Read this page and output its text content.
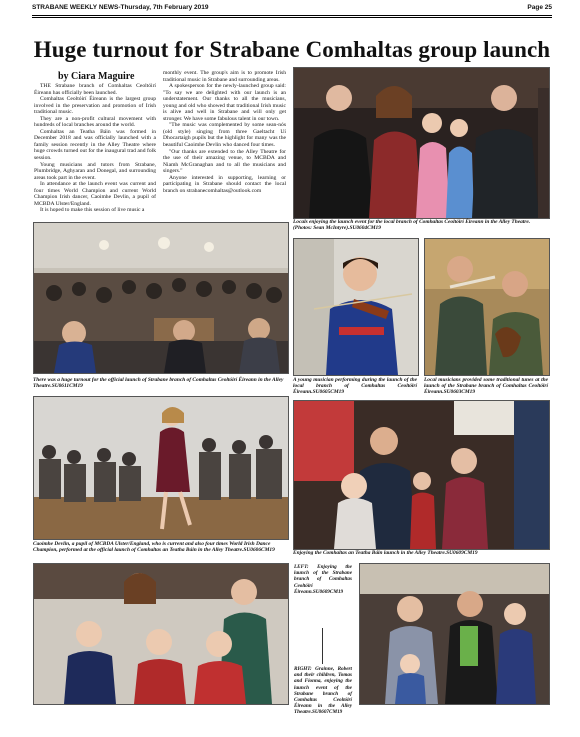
STRABANE WEEKLY NEWS-Thursday, 7th February 2019	Page 25
Huge turnout for Strabane Comhaltas group launch
by Ciara Maguire

THE Strabane branch of Comhaltas Ceoltóirí Éireann has officially been launched.

Comhaltas Ceoltóirí Éireann is the largest group involved in the preservation and promotion of Irish traditional music.

They are a non-profit cultural movement with hundreds of local branches around the world.

Comhaltas an Teatha Báin was formed in December 2018 and was officially launched with a family session recently in the Alley Theatre where huge crowds turned out for the inaugural trad and folk session.

Young musicians and tutors from Strabane, Plumbridge, Aghyaran and Donegal, and surrounding areas took part in the event.

In attendance at the launch event was current and four times World Champion and current World Champion Irish dancer, Caoimhe Devlin, a pupil of MCBDA Ulster/England.

It is hoped to make this session of live music a

monthly event. The group's aim is to promote Irish traditional music in Strabane and surrounding areas.

A spokesperson for the newly-launched group said: "To say we are delighted with our launch is an understatement. Our thanks to all the musicians, young and old who showed that traditional Irish music is alive and well in Strabane and will only get stronger. We have some fabulous talent in our town.

"The music was complemented by some sean-nós (old style) singing from three Gaeltacht Uí Dhocartaigh pupils but the highlight for many was the beautiful Caoimhe Devlin who danced four times.

"Our thanks are extended to the Alley Theatre for the use of their amazing venue, to MCBDA and Niamh McGranaghan and to all the musicians and singers."

Anyone interested in supporting, learning or participating in Strabane should contact the local branch on strabanecomhaltas@outlook.com

Locals enjoying the launch event for the local branch of Comhaltas Ceoltóirí Éireann in the Alley Theatre. (Photos: Sean McIntyre).SU0604CM19
There was a huge turnout for the official launch of Strabane branch of Comhaltas Ceoltóirí Éireann in the Alley Theatre.SU0611CM19
A young musician performing during the launch of the local branch of Comhaltas Ceoltóirí Éireann.SU0605CM19
Local musicians provided some traditional tunes at the launch of the Strabane branch of Comhaltas Ceoltóirí Éireann.SU0603CM19
Caoimhe Devlin, a pupil of MCBDA Ulster/England, who is current and also four times World Irish Dance Champion, performed at the official launch of Comhaltas an Teatha Báin in the Alley Theatre.SU0606CM19	Enjoying the Comhaltas an Teatha Báin launch in the Alley Theatre.SU0609CM19
LEFT: Enjoying the launch of the Strabane branch of Comhaltas Ceoltóirí Éireann.SU0609CM19
RIGHT: Grainne, Robert and their children, Tomas and Fionna, enjoying the launch event of the Strabane branch of Comhaltas Ceoltóirí Éireann in the Alley Theatre.SU0607CM19
